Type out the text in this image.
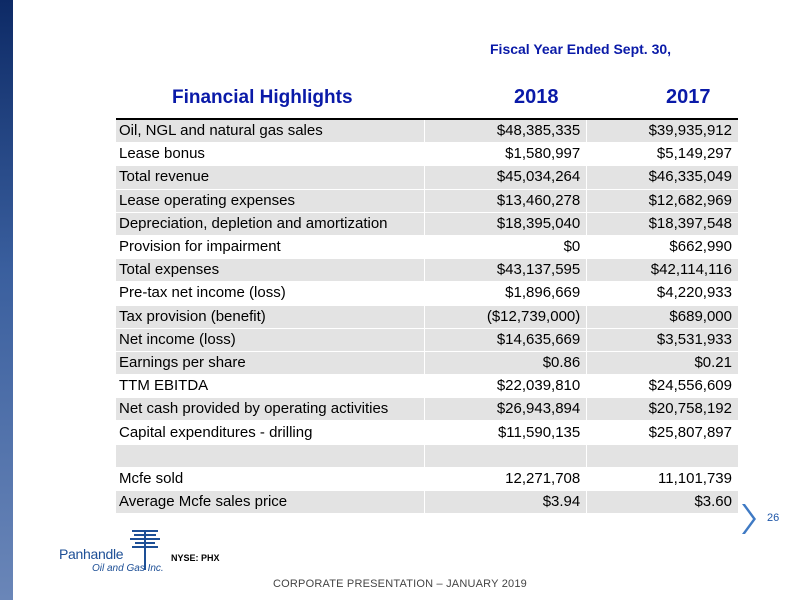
Fiscal Year Ended Sept. 30,
Financial Highlights	2018	2017
Oil, NGL and natural gas sales	$48,385,335	$39,935,912
Lease bonus	$1,580,997	$5,149,297
Total revenue	$45,034,264	$46,335,049
Lease operating expenses	$13,460,278	$12,682,969
Depreciation, depletion and amortization	$18,395,040	$18,397,548
Provision for impairment	$0	$662,990
Total expenses	$43,137,595	$42,114,116
Pre-tax net income (loss)	$1,896,669	$4,220,933
Tax provision (benefit)	($12,739,000)	$689,000
Net income (loss)	$14,635,669	$3,531,933
Earnings per share	$0.86	$0.21
TTM EBITDA	$22,039,810	$24,556,609
Net cash provided by operating activities	$26,943,894	$20,758,192
Capital expenditures - drilling	$11,590,135	$25,807,897

Mcfe sold	12,271,708	11,101,739
Average Mcfe sales price	$3.94	$3.60
26
Panhandle
Oil and Gas Inc.
NYSE: PHX
CORPORATE PRESENTATION – JANUARY 2019
